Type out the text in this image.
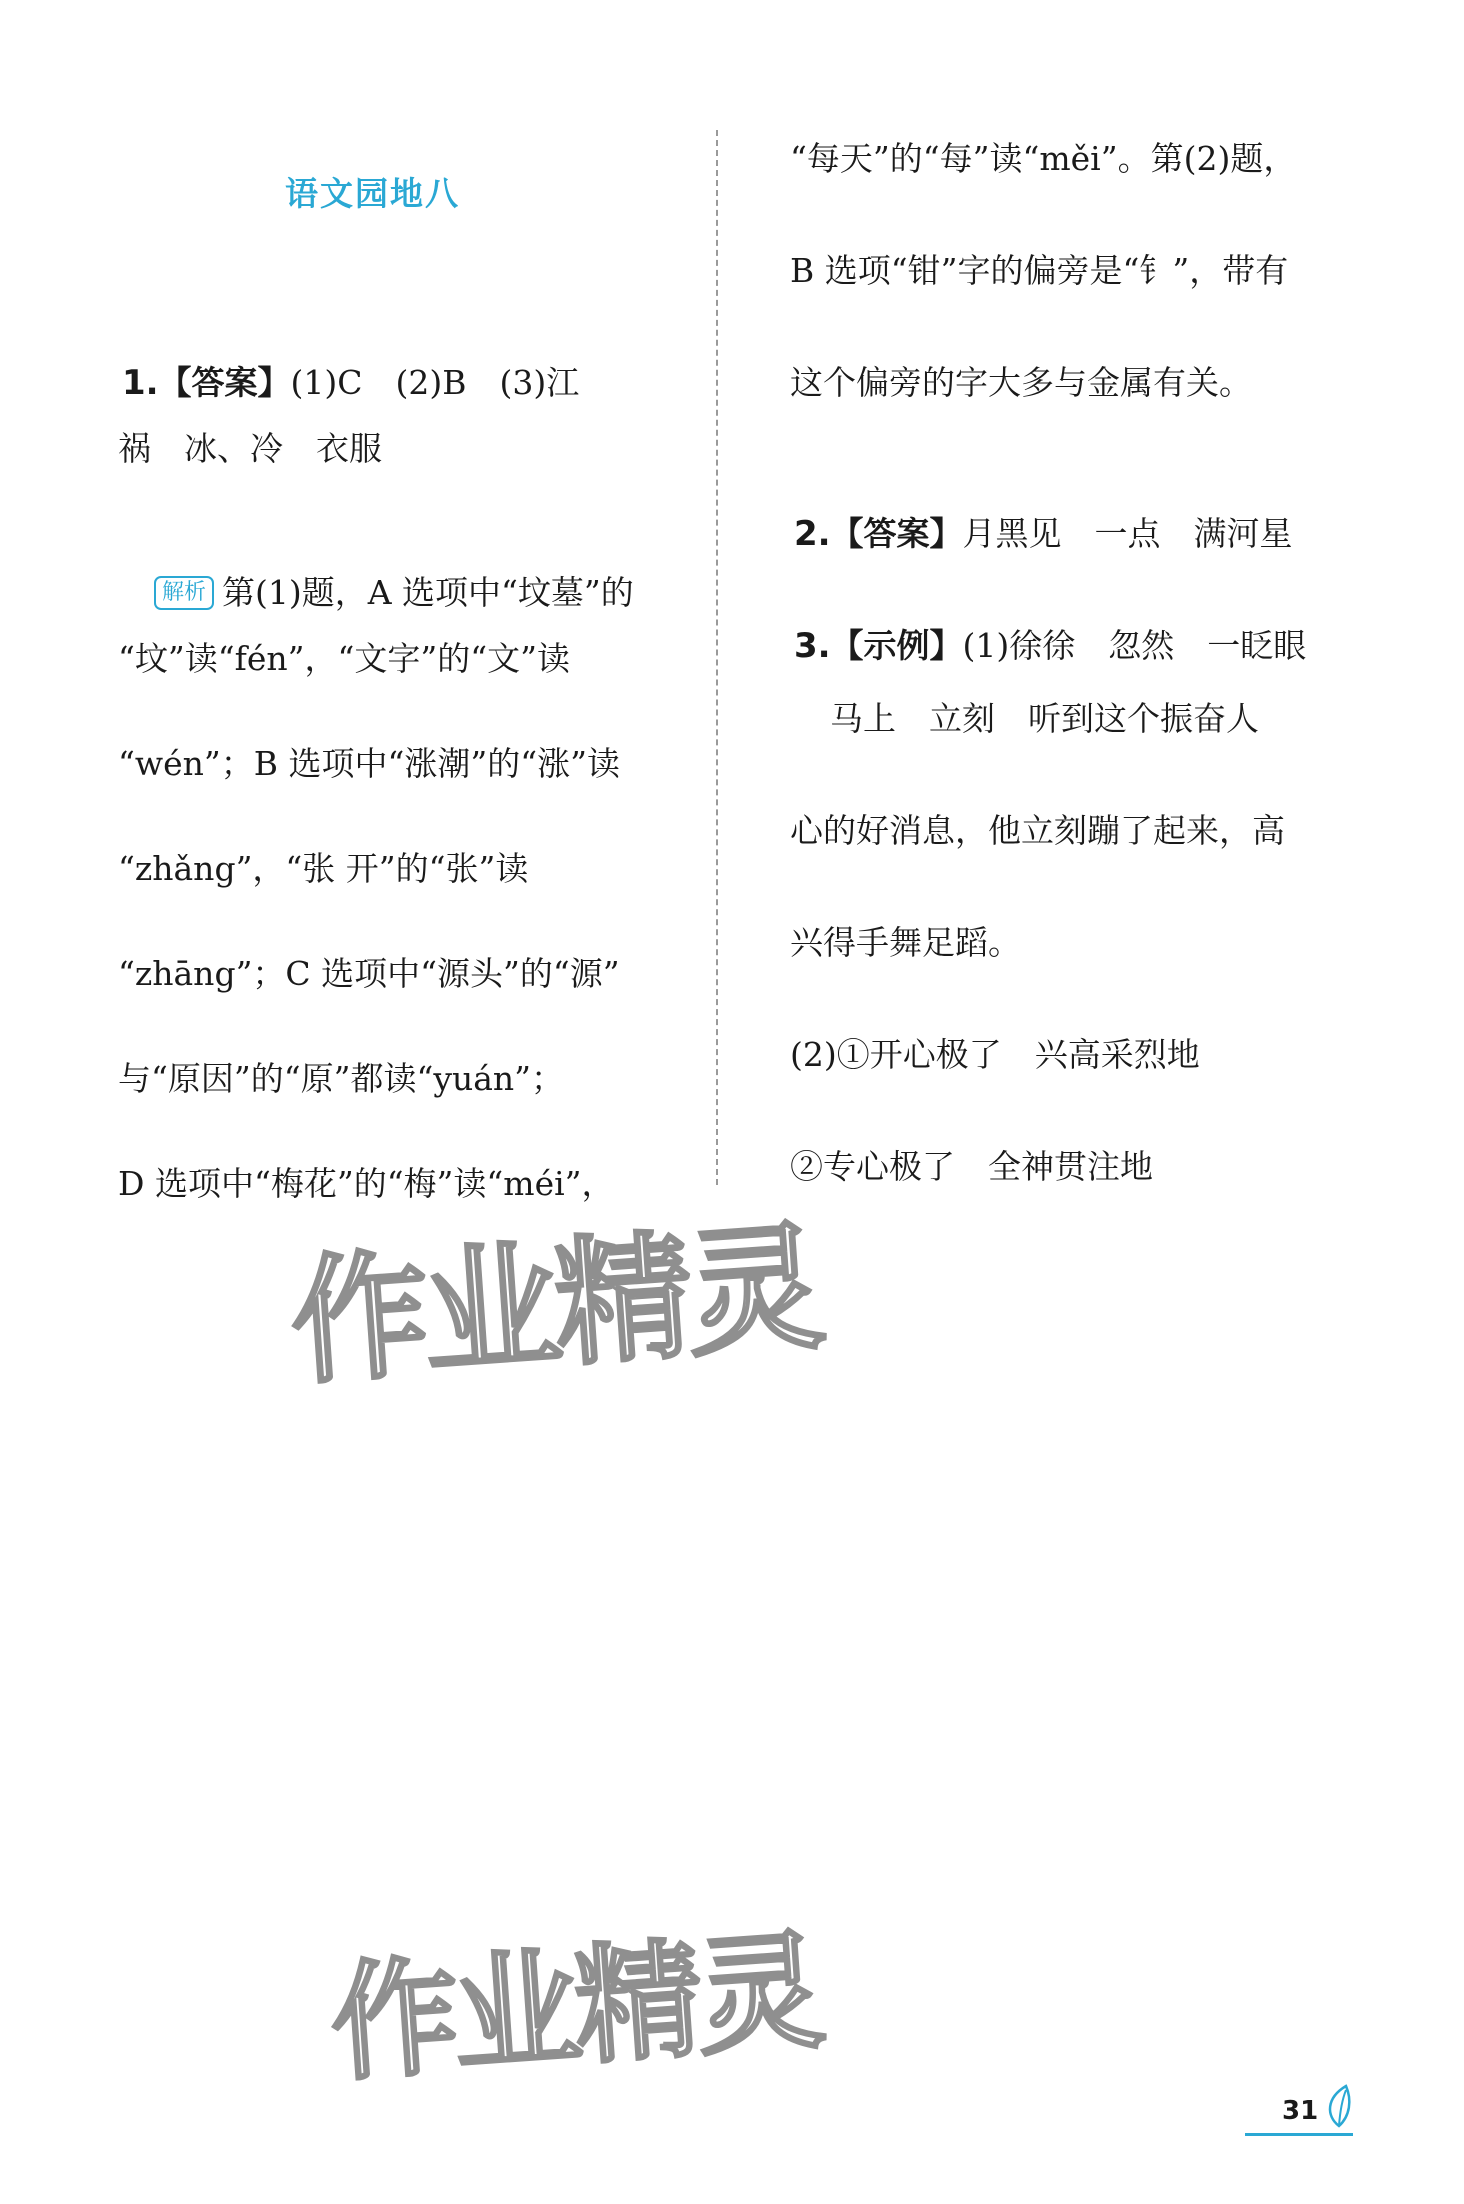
语文园地八

1.【答案】(1)C　(2)B　(3)江

祸　冰、冷　衣服

解析 第(1)题，A 选项中“坟墓”的

“坟”读“fén”，“文字”的“文”读
“wén”；B 选项中“涨潮”的“涨”读
“zhǎng”，“张 开”的“张”读
“zhāng”；C 选项中“源头”的“源”
与“原因”的“原”都读“yuán”；
D 选项中“梅花”的“梅”读“méi”，
“每天”的“每”读“měi”。第(2)题，
B 选项“钳”字的偏旁是“钅”，带有
这个偏旁的字大多与金属有关。

2.【答案】月黑见　一点　满河星

3.【示例】(1)徐徐　忽然　一眨眼

马上　立刻　听到这个振奋人
心的好消息，他立刻蹦了起来，高
兴得手舞足蹈。
(2)①开心极了　兴高采烈地
②专心极了　全神贯注地
作业精灵
作业精灵
31
